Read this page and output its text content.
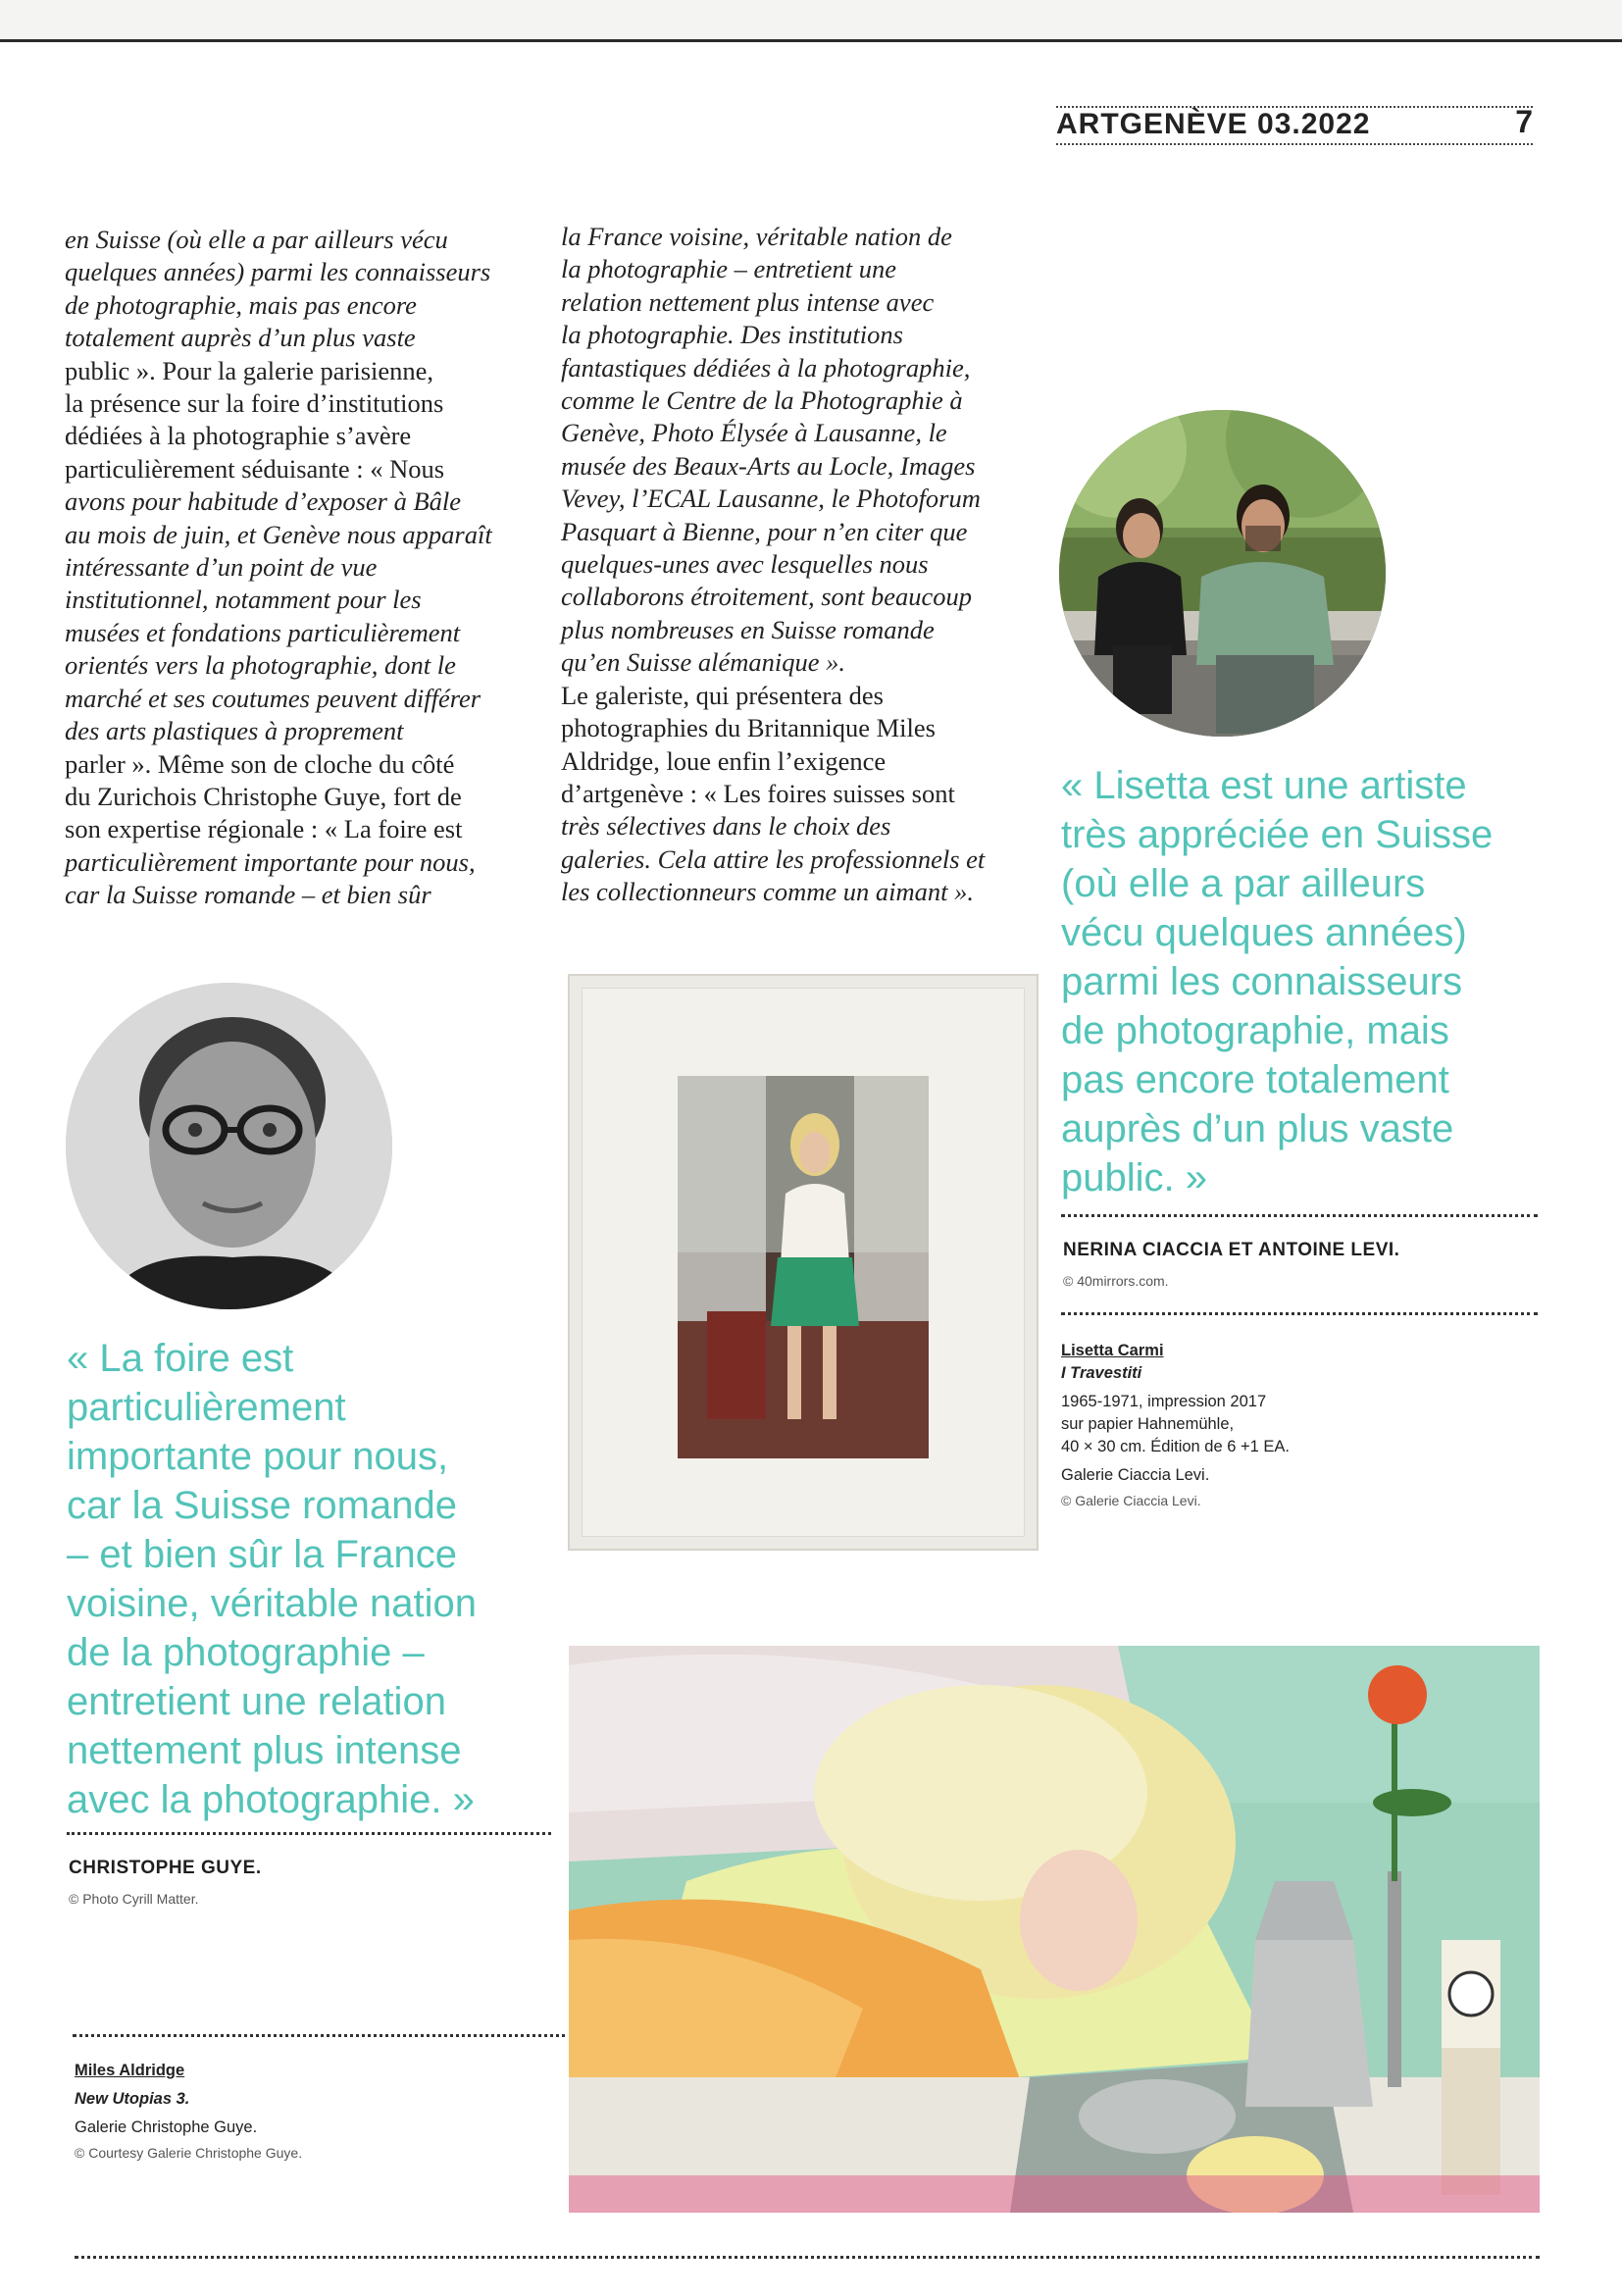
ARTGENÈVE 03.2022	7

en Suisse (où elle a par ailleurs vécu

quelques années) parmi les connaisseurs

de photographie, mais pas encore

totalement auprès d’un plus vaste

public ». Pour la galerie parisienne,

la présence sur la foire d’institutions

dédiées à la photographie s’avère

particulièrement séduisante : « Nous

avons pour habitude d’exposer à Bâle

au mois de juin, et Genève nous apparaît

intéressante d’un point de vue

institutionnel, notamment pour les

musées et fondations particulièrement

orientés vers la photographie, dont le

marché et ses coutumes peuvent différer

des arts plastiques à proprement

parler ». Même son de cloche du côté

du Zurichois Christophe Guye, fort de

son expertise régionale : « La foire est

particulièrement importante pour nous,

car la Suisse romande – et bien sûr

la France voisine, véritable nation de

la photographie – entretient une

relation nettement plus intense avec

la photographie. Des institutions

fantastiques dédiées à la photographie,

comme le Centre de la Photographie à

Genève, Photo Élysée à Lausanne, le

musée des Beaux-Arts au Locle, Images

Vevey, l’ECAL Lausanne, le Photoforum

Pasquart à Bienne, pour n’en citer que

quelques-unes avec lesquelles nous

collaborons étroitement, sont beaucoup

plus nombreuses en Suisse romande

qu’en Suisse alémanique ».

Le galeriste, qui présentera des

photographies du Britannique Miles

Aldridge, loue enfin l’exigence

d’artgenève : « Les foires suisses sont

très sélectives dans le choix des

galeries. Cela attire les professionnels et

les collectionneurs comme un aimant ».

« Lisetta est une artiste
très appréciée en Suisse
(où elle a par ailleurs
vécu quelques années)
parmi les connaisseurs
de photographie, mais
pas encore totalement
auprès d’un plus vaste
public. »
NERINA CIACCIA ET ANTOINE LEVI.
© 40mirrors.com.
Lisetta Carmi
I Travestiti
1965-1971, impression 2017
sur papier Hahnemühle,
40 × 30 cm. Édition de 6 +1 EA.
Galerie Ciaccia Levi.
© Galerie Ciaccia Levi.
« La foire est
particulièrement
importante pour nous,
car la Suisse romande
– et bien sûr la France
voisine, véritable nation
de la photographie –
entretient une relation
nettement plus intense
avec la photographie. »
CHRISTOPHE GUYE.
© Photo Cyrill Matter.
Miles Aldridge
New Utopias 3.
Galerie Christophe Guye.
© Courtesy Galerie Christophe Guye.
